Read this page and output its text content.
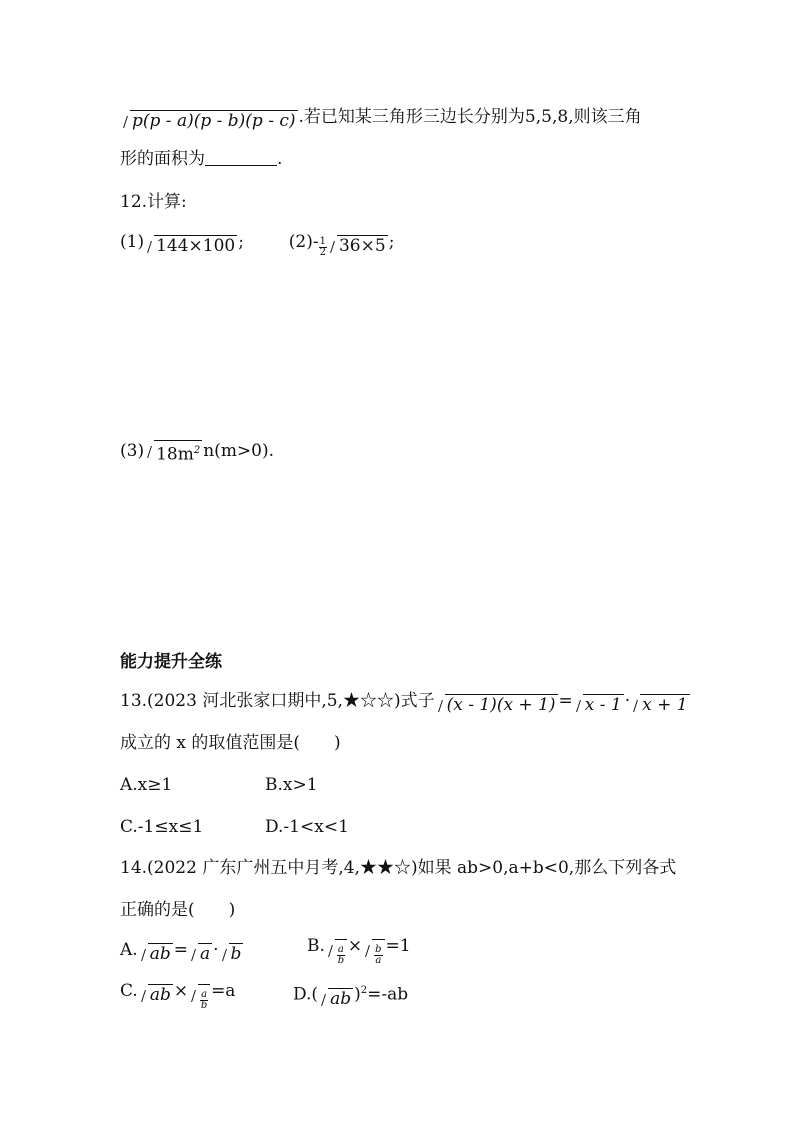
p(p - a)(p - b)(p - c) .若已知某三角形三边长分别为5,5,8,则该三角
形的面积为	.
12.计算:
(1) 144×100 ;	$(2)- \frac{1}{2} 36\times 5$ ;
(3) $18m^2$ n(m>0).
能力提升全练
13.(2023 河北张家口期中,5,★☆☆)式子 (x - 1)(x + 1) = x - 1 · x + 1
成立的 x 的取值范围是(　　)
A.x≥1	B.x>1
C.-1≤x≤1	D.-1<x<1
14.(2022 广东广州五中月考,4,★★☆)如果 ab>0,a+b<0,那么下列各式
正确的是(　　)
A. ab = a · b	B. $\frac{a}{b} \times \frac{b}{a} =1$
C. ab × $\frac{a}{b} =a$	D.( ab )$^2$=-ab
